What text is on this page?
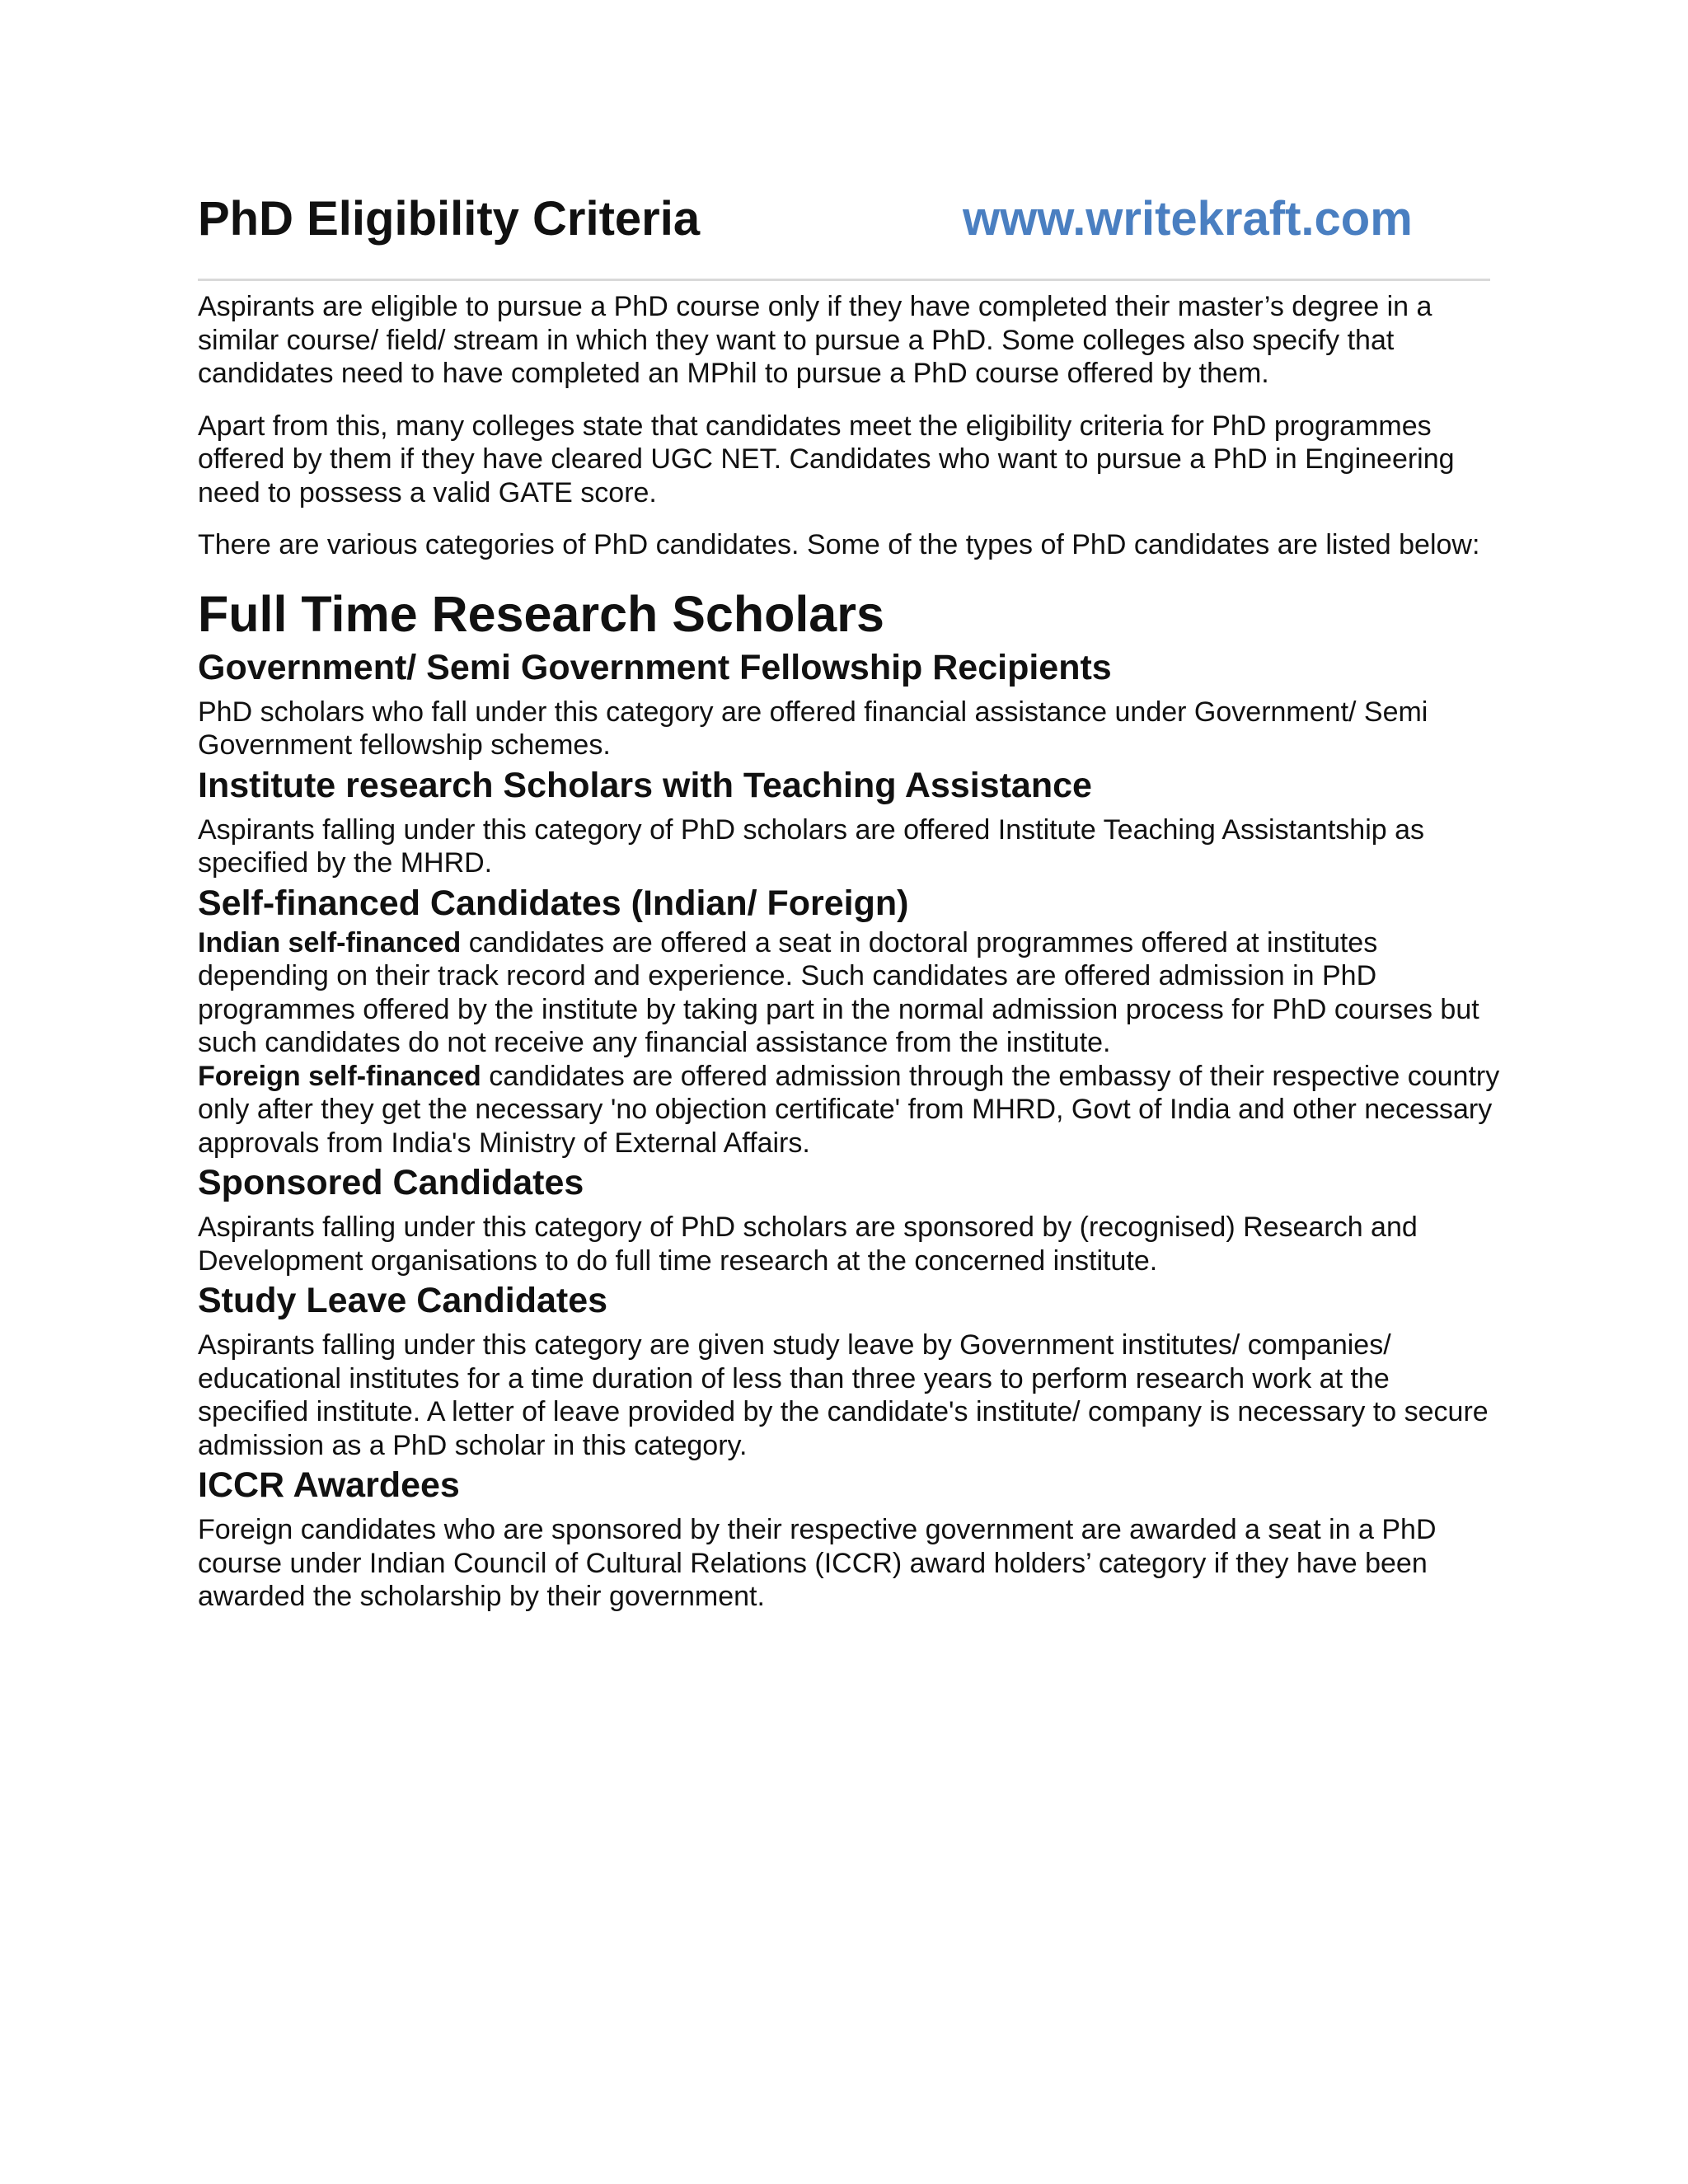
PhD Eligibility Criteria	www.writekraft.com

Aspirants are eligible to pursue a PhD course only if they have completed their master’s degree in a similar course/ field/ stream in which they want to pursue a PhD. Some colleges also specify that candidates need to have completed an MPhil to pursue a PhD course offered by them.

Apart from this, many colleges state that candidates meet the eligibility criteria for PhD programmes offered by them if they have cleared UGC NET. Candidates who want to pursue a PhD in Engineering need to possess a valid GATE score.

There are various categories of PhD candidates. Some of the types of PhD candidates are listed below:

Full Time Research Scholars
Government/ Semi Government Fellowship Recipients

PhD scholars who fall under this category are offered financial assistance under Government/ Semi Government fellowship schemes.

Institute research Scholars with Teaching Assistance

Aspirants falling under this category of PhD scholars are offered Institute Teaching Assistantship as specified by the MHRD.

Self-financed Candidates (Indian/ Foreign)

Indian self-financed candidates are offered a seat in doctoral programmes offered at institutes depending on their track record and experience. Such candidates are offered admission in PhD programmes offered by the institute by taking part in the normal admission process for PhD courses but such candidates do not receive any financial assistance from the institute.

Foreign self-financed candidates are offered admission through the embassy of their respective country only after they get the necessary 'no objection certificate' from MHRD, Govt of India and other necessary approvals from India's Ministry of External Affairs.

Sponsored Candidates

Aspirants falling under this category of PhD scholars are sponsored by (recognised) Research and Development organisations to do full time research at the concerned institute.

Study Leave Candidates

Aspirants falling under this category are given study leave by Government institutes/ companies/ educational institutes for a time duration of less than three years to perform research work at the specified institute. A letter of leave provided by the candidate's institute/ company is necessary to secure admission as a PhD scholar in this category.

ICCR Awardees

Foreign candidates who are sponsored by their respective government are awarded a seat in a PhD course under Indian Council of Cultural Relations (ICCR) award holders’ category if they have been awarded the scholarship by their government.
